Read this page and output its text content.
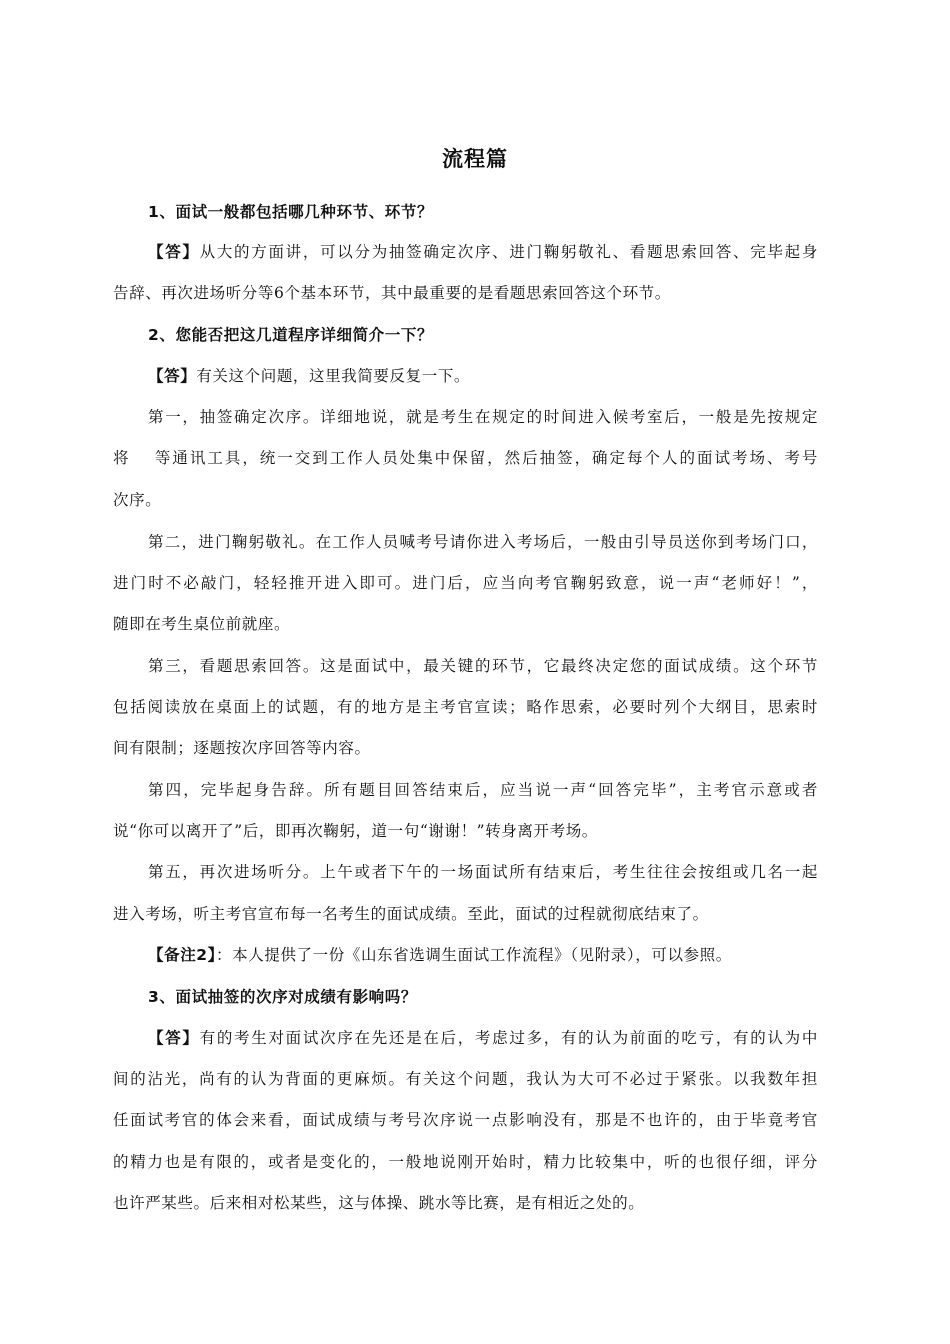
流程篇
1、面试一般都包括哪几种环节、环节？
【答】从大的方面讲，可以分为抽签确定次序、进门鞠躬敬礼、看题思索回答、完毕起身
告辞、再次进场听分等6个基本环节，其中最重要的是看题思索回答这个环节。
2、您能否把这几道程序详细简介一下？
【答】有关这个问题，这里我简要反复一下。
第一，抽签确定次序。详细地说，就是考生在规定的时间进入候考室后，一般是先按规定
将　 等通讯工具，统一交到工作人员处集中保留，然后抽签，确定每个人的面试考场、考号
次序。
第二，进门鞠躬敬礼。在工作人员喊考号请你进入考场后，一般由引导员送你到考场门口，
进门时不必敲门，轻轻推开进入即可。进门后，应当向考官鞠躬致意，说一声“老师好！”，
随即在考生桌位前就座。
第三，看题思索回答。这是面试中，最关键的环节，它最终决定您的面试成绩。这个环节
包括阅读放在桌面上的试题，有的地方是主考官宣读；略作思索，必要时列个大纲目，思索时
间有限制；逐题按次序回答等内容。
第四，完毕起身告辞。所有题目回答结束后，应当说一声“回答完毕”，主考官示意或者
说“你可以离开了”后，即再次鞠躬，道一句“谢谢！”转身离开考场。
第五，再次进场听分。上午或者下午的一场面试所有结束后，考生往往会按组或几名一起
进入考场，听主考官宣布每一名考生的面试成绩。至此，面试的过程就彻底结束了。
【备注2】：本人提供了一份《山东省选调生面试工作流程》（见附录），可以参照。
3、面试抽签的次序对成绩有影响吗？
【答】有的考生对面试次序在先还是在后，考虑过多，有的认为前面的吃亏，有的认为中
间的沾光，尚有的认为背面的更麻烦。有关这个问题，我认为大可不必过于紧张。以我数年担
任面试考官的体会来看，面试成绩与考号次序说一点影响没有，那是不也许的，由于毕竟考官
的精力也是有限的，或者是变化的，一般地说刚开始时，精力比较集中，听的也很仔细，评分
也许严某些。后来相对松某些，这与体操、跳水等比赛，是有相近之处的。
